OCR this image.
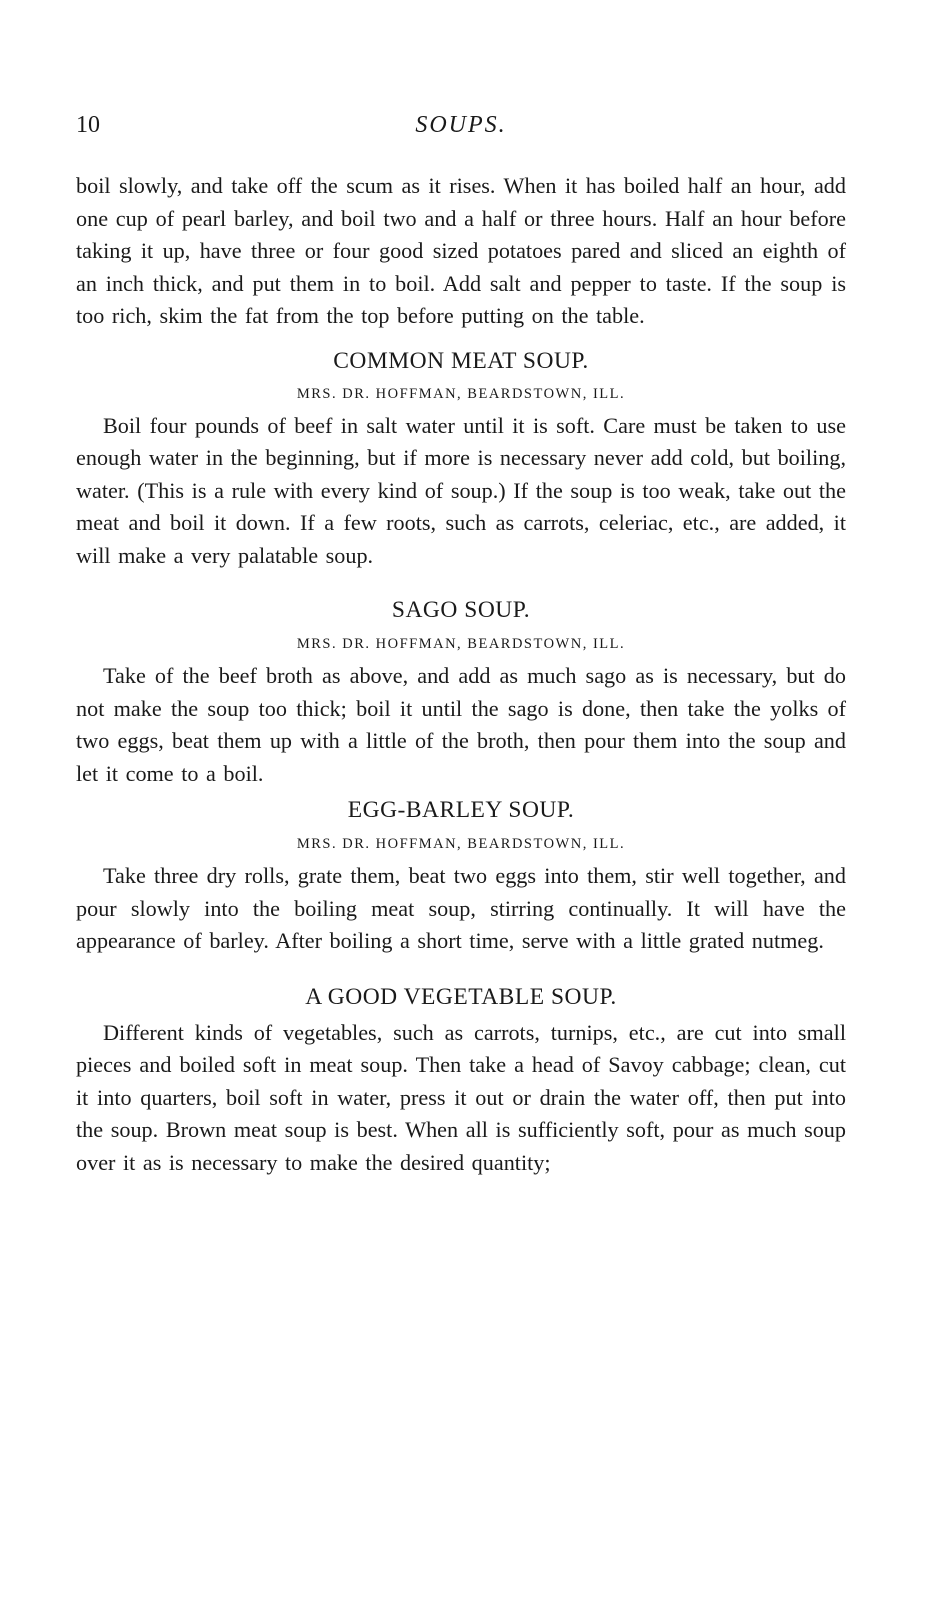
10	SOUPS.

boil slowly, and take off the scum as it rises. When it has boiled half an hour, add one cup of pearl barley, and boil two and a half or three hours. Half an hour before taking it up, have three or four good sized potatoes pared and sliced an eighth of an inch thick, and put them in to boil. Add salt and pepper to taste. If the soup is too rich, skim the fat from the top before putting on the table.

COMMON MEAT SOUP.
MRS. DR. HOFFMAN, BEARDSTOWN, ILL.

Boil four pounds of beef in salt water until it is soft. Care must be taken to use enough water in the beginning, but if more is necessary never add cold, but boiling, water. (This is a rule with every kind of soup.) If the soup is too weak, take out the meat and boil it down. If a few roots, such as carrots, celeriac, etc., are added, it will make a very palatable soup.

SAGO SOUP.
MRS. DR. HOFFMAN, BEARDSTOWN, ILL.

Take of the beef broth as above, and add as much sago as is necessary, but do not make the soup too thick; boil it until the sago is done, then take the yolks of two eggs, beat them up with a little of the broth, then pour them into the soup and let it come to a boil.

EGG-BARLEY SOUP.
MRS. DR. HOFFMAN, BEARDSTOWN, ILL.

Take three dry rolls, grate them, beat two eggs into them, stir well together, and pour slowly into the boiling meat soup, stirring continually. It will have the appearance of barley. After boiling a short time, serve with a little grated nutmeg.

A GOOD VEGETABLE SOUP.

Different kinds of vegetables, such as carrots, turnips, etc., are cut into small pieces and boiled soft in meat soup. Then take a head of Savoy cabbage; clean, cut it into quarters, boil soft in water, press it out or drain the water off, then put into the soup. Brown meat soup is best. When all is sufficiently soft, pour as much soup over it as is necessary to make the desired quantity;
